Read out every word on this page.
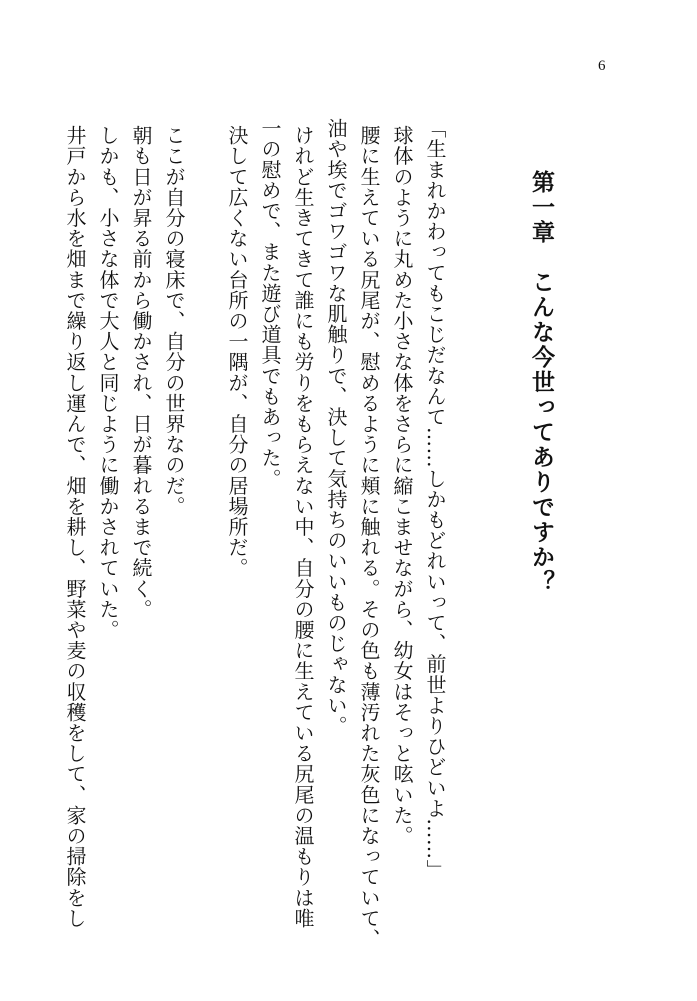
6
第一章　こんな今世ってありですか？

「生まれかわってもこじだなんて……しかもどれいって、前世よりひどいよ……」

球体のように丸めた小さな体をさらに縮こませながら、幼女はそっと呟いた。

腰に生えている尻尾が、慰めるように頬に触れる。その色も薄汚れた灰色になっていて、

油や埃でゴワゴワな肌触りで、決して気持ちのいいものじゃない。

けれど生きてきて誰にも労りをもらえない中、自分の腰に生えている尻尾の温もりは唯

一の慰めで、また遊び道具でもあった。

決して広くない台所の一隅が、自分の居場所だ。

ここが自分の寝床で、自分の世界なのだ。

朝も日が昇る前から働かされ、日が暮れるまで続く。

しかも、小さな体で大人と同じように働かされていた。

井戸から水を畑まで繰り返し運んで、畑を耕し、野菜や麦の収穫をして、家の掃除をし
